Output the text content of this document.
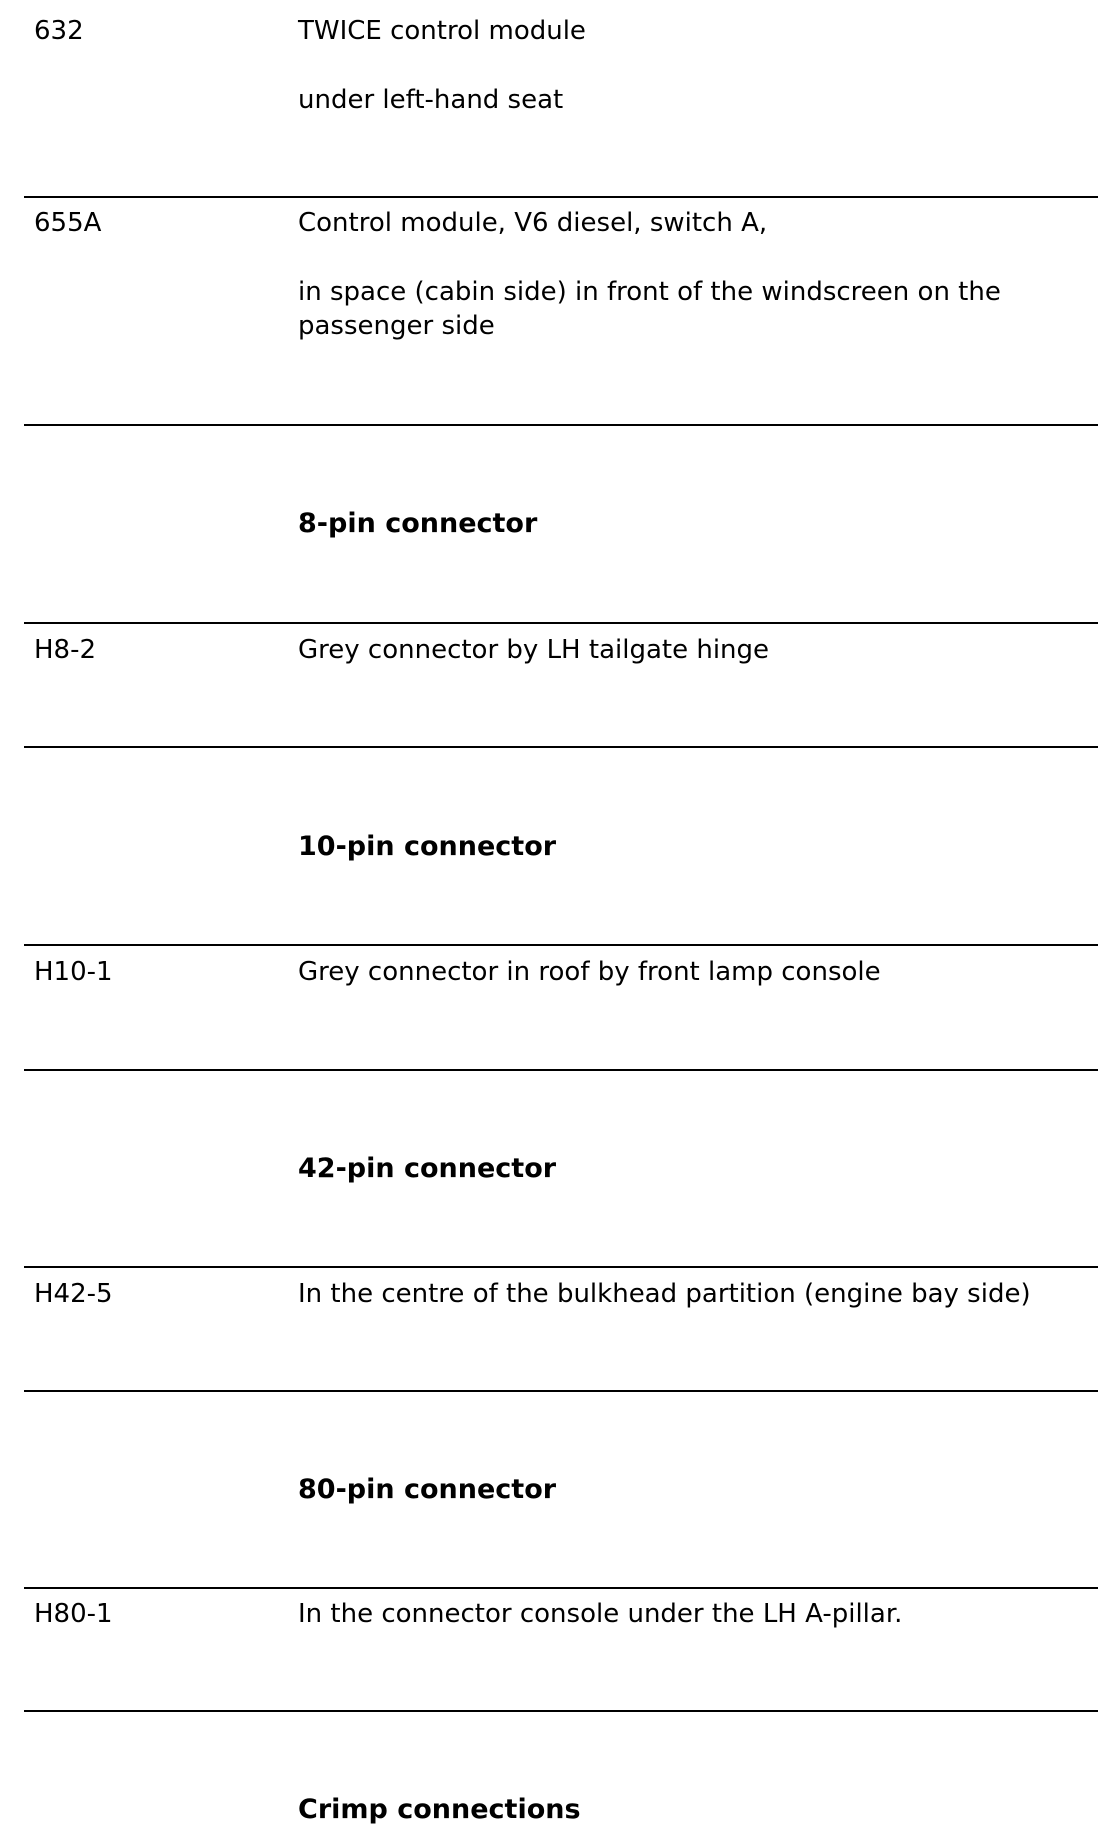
632	TWICE control module
under left-hand seat
655A	Control module, V6 diesel, switch A,
in space (cabin side) in front of the windscreen on the passenger side
8-pin connector
H8-2	Grey connector by LH tailgate hinge
10-pin connector
H10-1	Grey connector in roof by front lamp console
42-pin connector
H42-5	In the centre of the bulkhead partition (engine bay side)
80-pin connector
H80-1	In the connector console under the LH A-pillar.
Crimp connections
